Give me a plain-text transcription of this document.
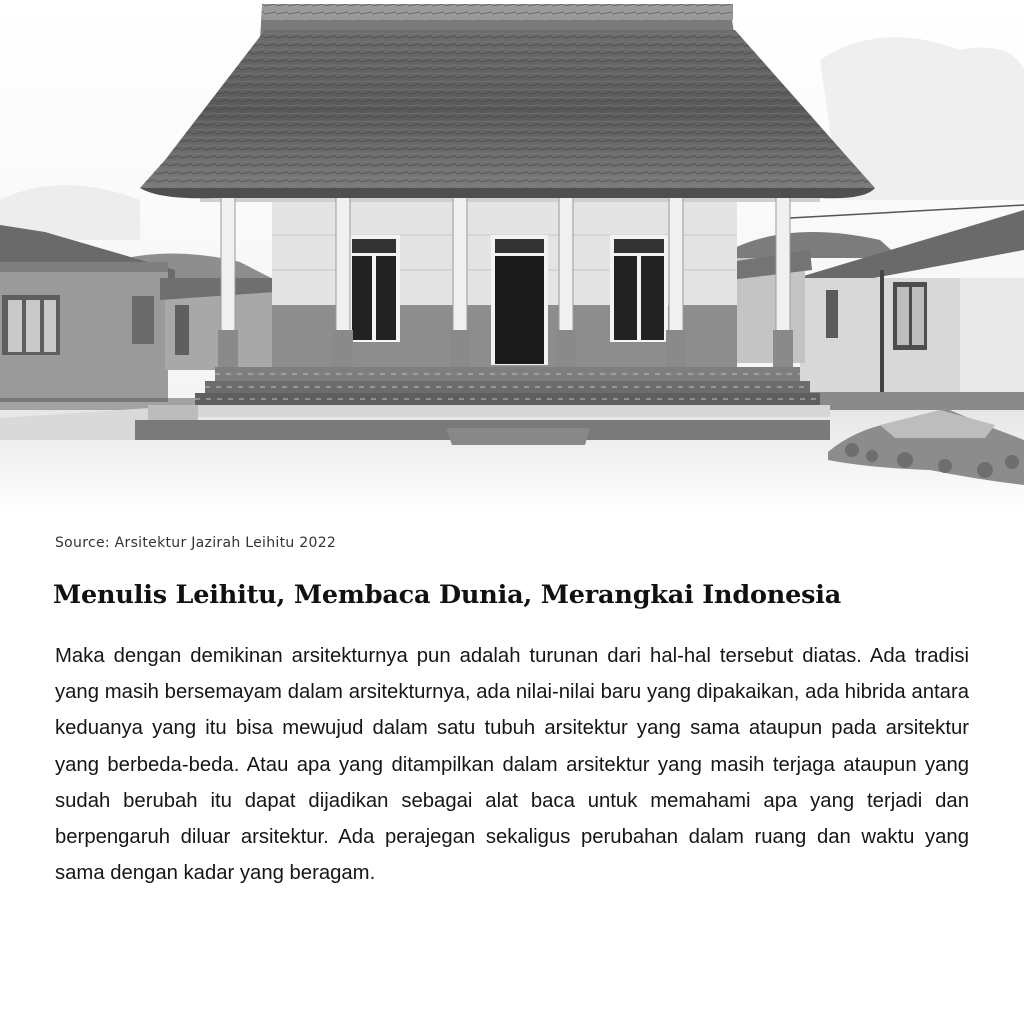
Source: Arsitektur Jazirah Leihitu 2022
Menulis Leihitu, Membaca Dunia, Merangkai Indonesia
Maka dengan demikinan arsitekturnya pun adalah turunan dari hal-hal tersebut diatas. Ada tradisi yang masih bersemayam dalam arsitekturnya, ada nilai-nilai baru yang dipakaikan, ada hibrida antara keduanya yang itu bisa mewujud dalam satu tubuh arsitektur yang sama ataupun pada arsitektur yang berbeda-beda. Atau apa yang ditampilkan dalam arsitektur yang masih terjaga ataupun yang sudah berubah itu dapat dijadikan sebagai alat baca untuk memahami apa yang terjadi dan berpengaruh diluar arsitektur. Ada perajegan sekaligus perubahan dalam ruang dan waktu yang sama dengan kadar yang beragam.
